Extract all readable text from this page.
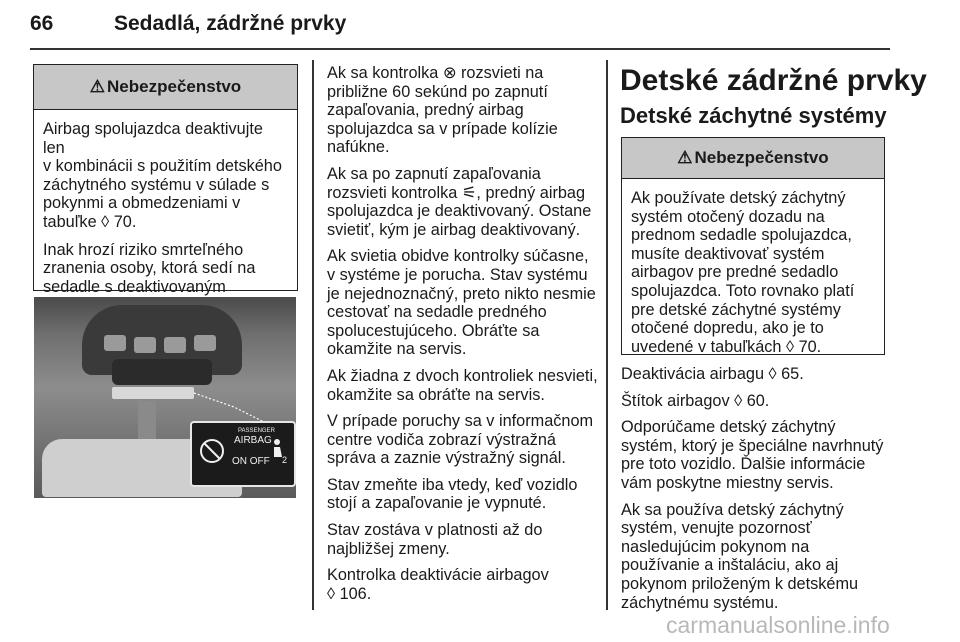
66	Sedadlá, zádržné prvky
⚠ Nebezpečenstvo

Airbag spolujazdca deaktivujte len
v kombinácii s použitím detského
záchytného systému v súlade s
pokynmi a obmedzeniami v
tabuľke ◊ 70.

Inak hrozí riziko smrteľného
zranenia osoby, ktorá sedí na
sedadle s deaktivovaným

PASSENGER
AIRBAG
ON OFF 2

Ak sa kontrolka ⊗ rozsvieti na
približne 60 sekúnd po zapnutí
zapaľovania, predný airbag
spolujazdca sa v prípade kolízie
nafúkne.

Ak sa po zapnutí zapaľovania
rozsvieti kontrolka ⚟, predný airbag
spolujazdca je deaktivovaný. Ostane
svietiť, kým je airbag deaktivovaný.

Ak svietia obidve kontrolky súčasne,
v systéme je porucha. Stav systému
je nejednoznačný, preto nikto nesmie
cestovať na sedadle predného
spolucestujúceho. Obráťte sa
okamžite na servis.

Ak žiadna z dvoch kontroliek nesvieti,
okamžite sa obráťte na servis.

V prípade poruchy sa v informačnom
centre vodiča zobrazí výstražná
správa a zaznie výstražný signál.

Stav zmeňte iba vtedy, keď vozidlo
stojí a zapaľovanie je vypnuté.

Stav zostáva v platnosti až do
najbližšej zmeny.

Kontrolka deaktivácie airbagov
◊ 106.

Detské zádržné prvky
Detské záchytné systémy
⚠ Nebezpečenstvo

Ak používate detský záchytný
systém otočený dozadu na
prednom sedadle spolujazdca,
musíte deaktivovať systém
airbagov pre predné sedadlo
spolujazdca. Toto rovnako platí
pre detské záchytné systémy
otočené dopredu, ako je to
uvedené v tabuľkách ◊ 70.

Deaktivácia airbagu ◊ 65.

Štítok airbagov ◊ 60.

Odporúčame detský záchytný
systém, ktorý je špeciálne navrhnutý
pre toto vozidlo. Ďalšie informácie
vám poskytne miestny servis.

Ak sa používa detský záchytný
systém, venujte pozornosť
nasledujúcim pokynom na
používanie a inštaláciu, ako aj
pokynom priloženým k detskému
záchytnému systému.

carmanualsonline.info
